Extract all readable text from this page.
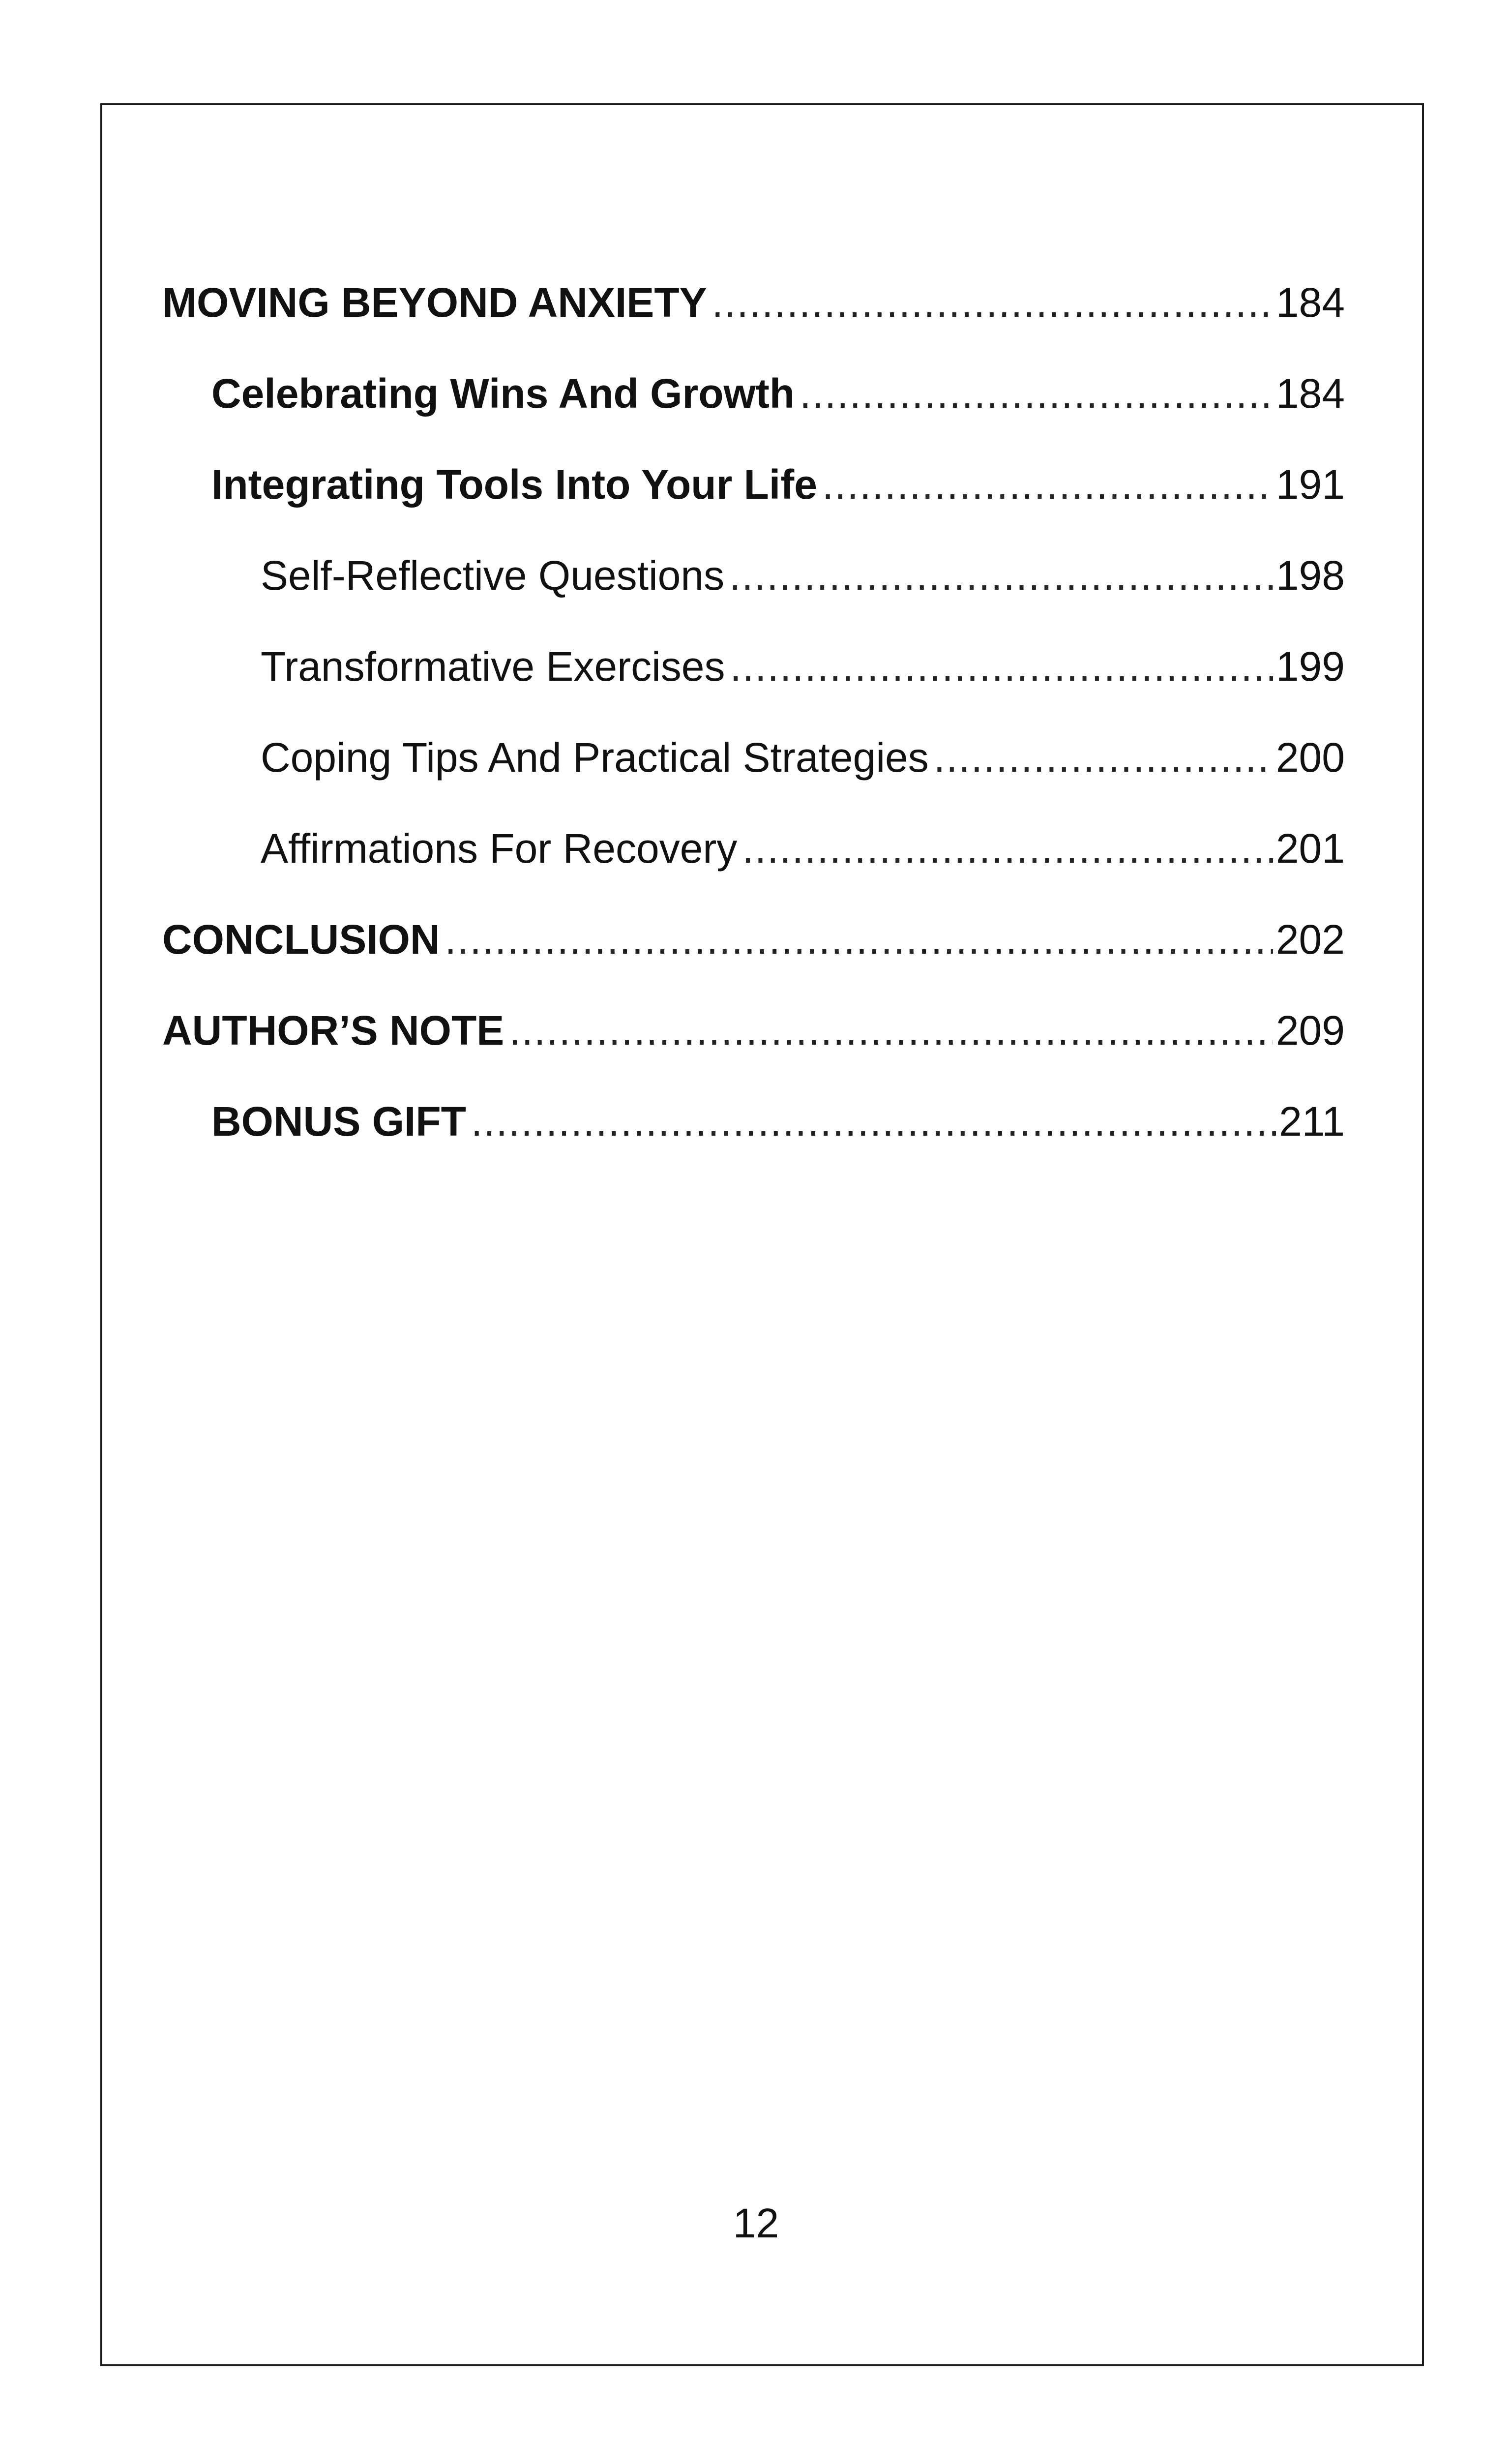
MOVING BEYOND ANXIETY .....	184
Celebrating Wins And Growth .....	184
Integrating Tools Into Your Life .....	191
Self-Reflective Questions .....	198
Transformative Exercises .....	199
Coping Tips And Practical Strategies .....	200
Affirmations For Recovery .....	201
CONCLUSION .....	202
AUTHOR’S NOTE .....	209
BONUS GIFT .....	211
12
